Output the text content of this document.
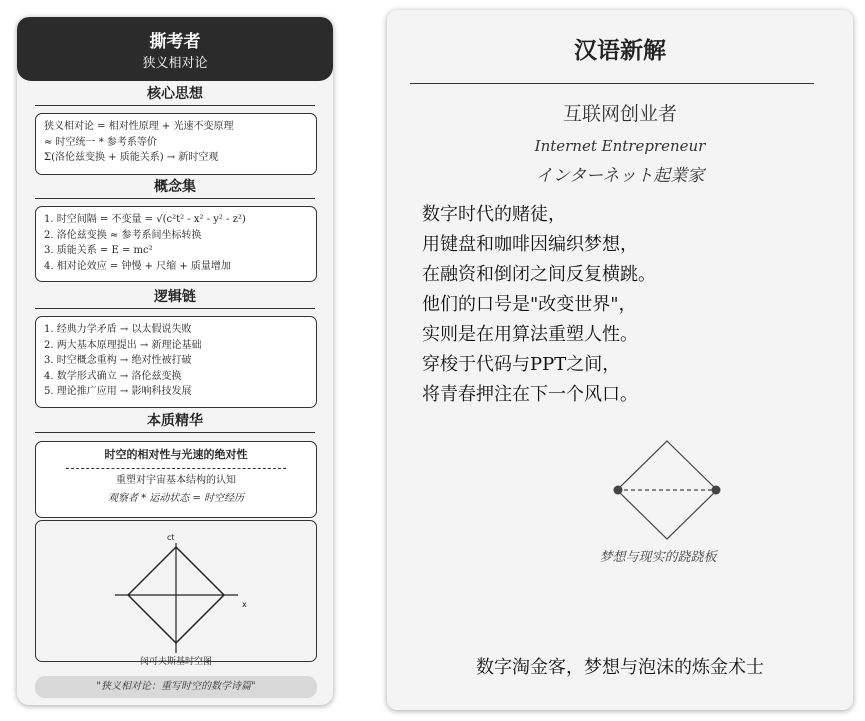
撕考者
狭义相对论
核心思想
狭义相对论 = 相对性原理 + 光速不变原理
≈ 时空统一 * 参考系等价
Σ(洛伦兹变换 + 质能关系) → 新时空观
概念集
1. 时空间隔 = 不变量 = √(c²t² - x² - y² - z²)
2. 洛伦兹变换 ≈ 参考系间坐标转换
3. 质能关系 = E = mc²
4. 相对论效应 = 钟慢 + 尺缩 + 质量增加
逻辑链
1. 经典力学矛盾 → 以太假说失败
2. 两大基本原理提出 → 新理论基础
3. 时空概念重构 → 绝对性被打破
4. 数学形式确立 → 洛伦兹变换
5. 理论推广应用 → 影响科技发展
本质精华
时空的相对性与光速的绝对性
重塑对宇宙基本结构的认知
观察者 * 运动状态 = 时空经历
ct
x
闵可夫斯基时空图
"狭义相对论：重写时空的数学诗篇"
汉语新解
互联网创业者
Internet Entrepreneur
インターネット起業家
数字时代的赌徒，
用键盘和咖啡因编织梦想，
在融资和倒闭之间反复横跳。
他们的口号是"改变世界"，
实则是在用算法重塑人性。
穿梭于代码与PPT之间，
将青春押注在下一个风口。
梦想与现实的跷跷板
数字淘金客，梦想与泡沫的炼金术士
